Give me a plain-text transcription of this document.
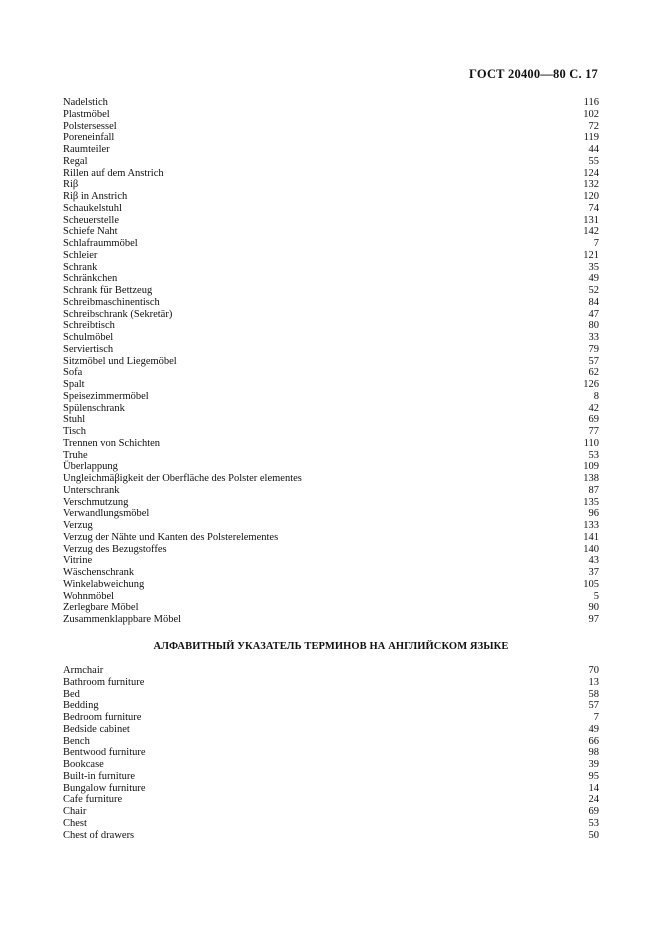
ГОСТ 20400—80 С. 17
Nadelstich	116
Plastmöbel	102
Polstersessel	72
Poreneinfall	119
Raumteiler	44
Regal	55
Rillen auf dem Anstrich	124
Riβ	132
Riβ in Anstrich	120
Schaukelstuhl	74
Scheuerstelle	131
Schiefe Naht	142
Schlafraummöbel	7
Schleier	121
Schrank	35
Schränkchen	49
Schrank für Bettzeug	52
Schreibmaschinentisch	84
Schreibschrank (Sekretär)	47
Schreibtisch	80
Schulmöbel	33
Serviertisch	79
Sitzmöbel und Liegemöbel	57
Sofa	62
Spalt	126
Speisezimmermöbel	8
Spülenschrank	42
Stuhl	69
Tisch	77
Trennen von Schichten	110
Truhe	53
Überlappung	109
Ungleichmäβigkeit der Oberfläche des Polster elementes	138
Unterschrank	87
Verschmutzung	135
Verwandlungsmöbel	96
Verzug	133
Verzug der Nähte und Kanten des Polsterelementes	141
Verzug des Bezugstoffes	140
Vitrine	43
Wäschenschrank	37
Winkelabweichung	105
Wohnmöbel	5
Zerlegbare Möbel	90
Zusammenklappbare Möbel	97
АЛФАВИТНЫЙ УКАЗАТЕЛЬ ТЕРМИНОВ НА АНГЛИЙСКОМ ЯЗЫКЕ
Armchair	70
Bathroom furniture	13
Bed	58
Bedding	57
Bedroom furniture	7
Bedside cabinet	49
Bench	66
Bentwood furniture	98
Bookcase	39
Built-in furniture	95
Bungalow furniture	14
Cafe furniture	24
Chair	69
Chest	53
Chest of drawers	50
